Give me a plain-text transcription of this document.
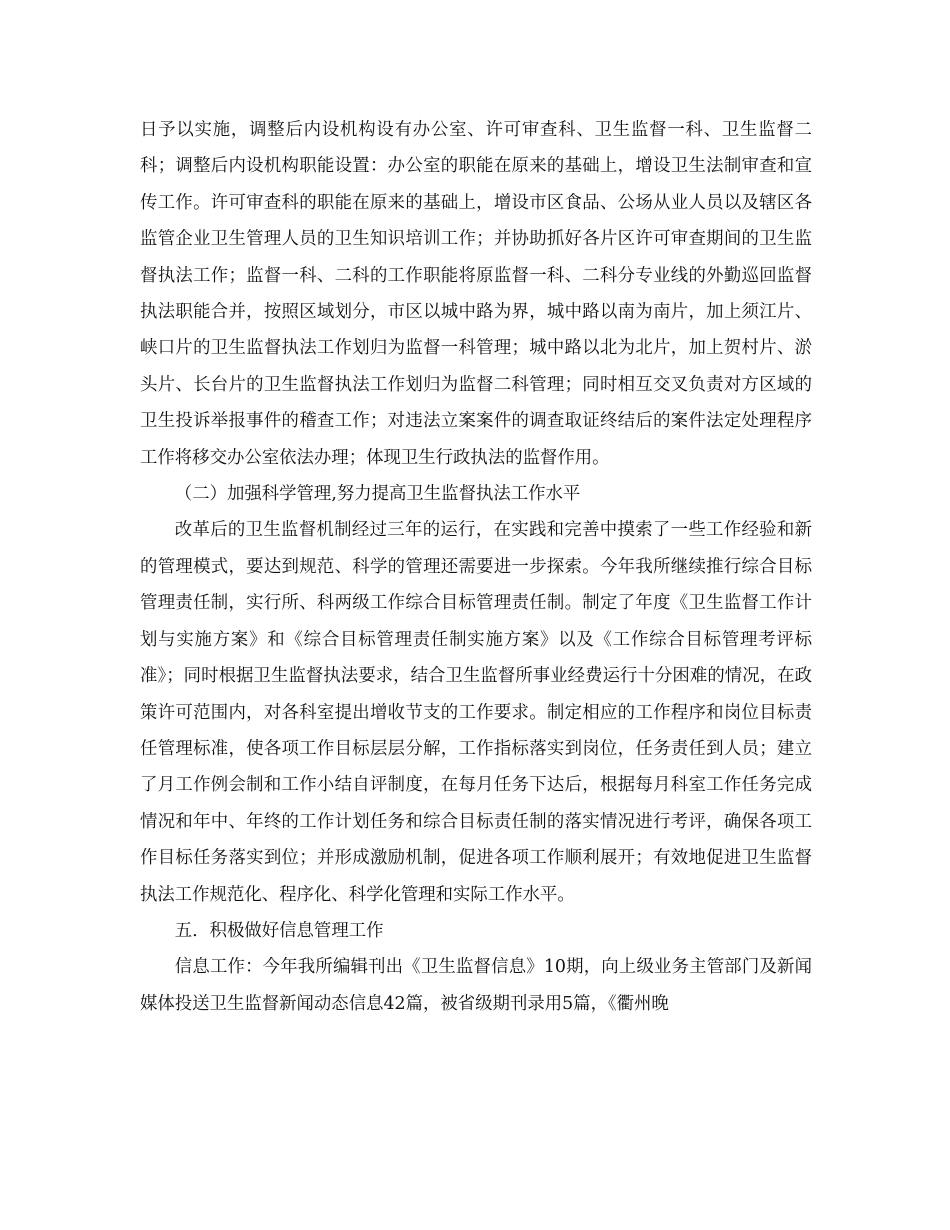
日予以实施，调整后内设机构设有办公室、许可审查科、卫生监督一科、卫生监督二科；调整后内设机构职能设置：办公室的职能在原来的基础上，增设卫生法制审查和宣传工作。许可审查科的职能在原来的基础上，增设市区食品、公场从业人员以及辖区各监管企业卫生管理人员的卫生知识培训工作；并协助抓好各片区许可审查期间的卫生监督执法工作；监督一科、二科的工作职能将原监督一科、二科分专业线的外勤巡回监督执法职能合并，按照区域划分，市区以城中路为界，城中路以南为南片，加上须江片、峡口片的卫生监督执法工作划归为监督一科管理；城中路以北为北片，加上贺村片、淤头片、长台片的卫生监督执法工作划归为监督二科管理；同时相互交叉负责对方区域的卫生投诉举报事件的稽查工作；对违法立案案件的调查取证终结后的案件法定处理程序工作将移交办公室依法办理；体现卫生行政执法的监督作用。

（二）加强科学管理,努力提高卫生监督执法工作水平

改革后的卫生监督机制经过三年的运行，在实践和完善中摸索了一些工作经验和新的管理模式，要达到规范、科学的管理还需要进一步探索。今年我所继续推行综合目标管理责任制，实行所、科两级工作综合目标管理责任制。制定了年度《卫生监督工作计划与实施方案》和《综合目标管理责任制实施方案》以及《工作综合目标管理考评标准》；同时根据卫生监督执法要求，结合卫生监督所事业经费运行十分困难的情况，在政策许可范围内，对各科室提出增收节支的工作要求。制定相应的工作程序和岗位目标责任管理标准，使各项工作目标层层分解，工作指标落实到岗位，任务责任到人员；建立了月工作例会制和工作小结自评制度，在每月任务下达后，根据每月科室工作任务完成情况和年中、年终的工作计划任务和综合目标责任制的落实情况进行考评，确保各项工作目标任务落实到位；并形成激励机制，促进各项工作顺利展开；有效地促进卫生监督执法工作规范化、程序化、科学化管理和实际工作水平。

五．积极做好信息管理工作

信息工作：今年我所编辑刊出《卫生监督信息》10期，向上级业务主管部门及新闻媒体投送卫生监督新闻动态信息42篇，被省级期刊录用5篇，《衢州晚
